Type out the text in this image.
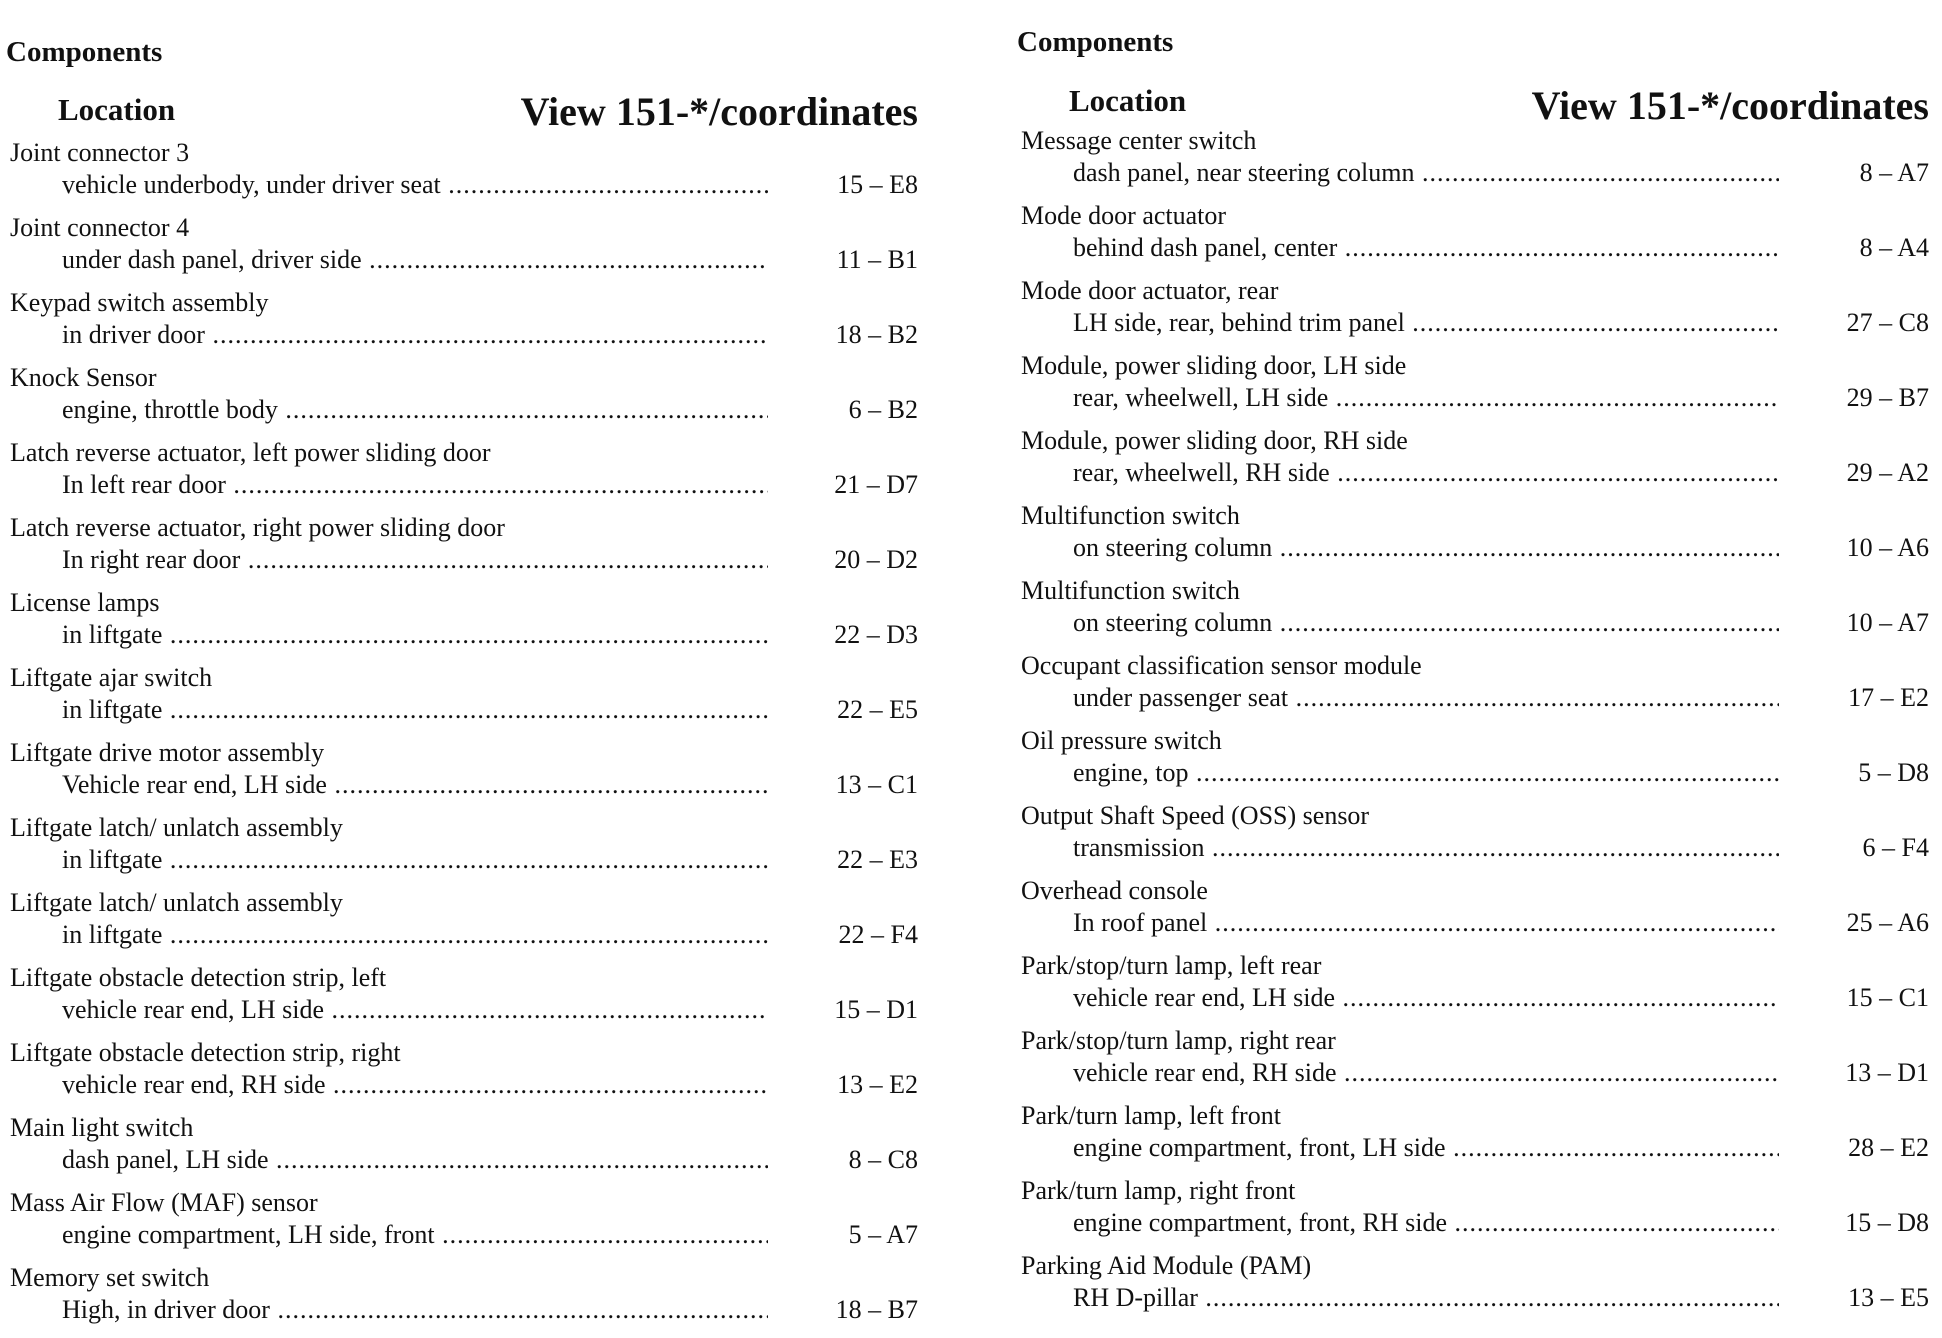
Components
Location	View 151-*/coordinates
Joint connector 3
vehicle underbody, under driver seat .....	15 – E8
Joint connector 4
under dash panel, driver side .....	11 – B1
Keypad switch assembly
in driver door .....	18 – B2
Knock Sensor
engine, throttle body .....	6 – B2
Latch reverse actuator, left power sliding door
In left rear door .....	21 – D7
Latch reverse actuator, right power sliding door
In right rear door .....	20 – D2
License lamps
in liftgate .....	22 – D3
Liftgate ajar switch
in liftgate .....	22 – E5
Liftgate drive motor assembly
Vehicle rear end, LH side .....	13 – C1
Liftgate latch/ unlatch assembly
in liftgate .....	22 – E3
Liftgate latch/ unlatch assembly
in liftgate .....	22 – F4
Liftgate obstacle detection strip, left
vehicle rear end, LH side .....	15 – D1
Liftgate obstacle detection strip, right
vehicle rear end, RH side .....	13 – E2
Main light switch
dash panel, LH side .....	8 – C8
Mass Air Flow (MAF) sensor
engine compartment, LH side, front .....	5 – A7
Memory set switch
High, in driver door .....	18 – B7
Components
Location	View 151-*/coordinates
Message center switch
dash panel, near steering column .....	8 – A7
Mode door actuator
behind dash panel, center .....	8 – A4
Mode door actuator, rear
LH side, rear, behind trim panel .....	27 – C8
Module, power sliding door, LH side
rear, wheelwell, LH side .....	29 – B7
Module, power sliding door, RH side
rear, wheelwell, RH side .....	29 – A2
Multifunction switch
on steering column .....	10 – A6
Multifunction switch
on steering column .....	10 – A7
Occupant classification sensor module
under passenger seat .....	17 – E2
Oil pressure switch
engine, top .....	5 – D8
Output Shaft Speed (OSS) sensor
transmission .....	6 – F4
Overhead console
In roof panel .....	25 – A6
Park/stop/turn lamp, left rear
vehicle rear end, LH side .....	15 – C1
Park/stop/turn lamp, right rear
vehicle rear end, RH side .....	13 – D1
Park/turn lamp, left front
engine compartment, front, LH side .....	28 – E2
Park/turn lamp, right front
engine compartment, front, RH side .....	15 – D8
Parking Aid Module (PAM)
RH D-pillar .....	13 – E5
